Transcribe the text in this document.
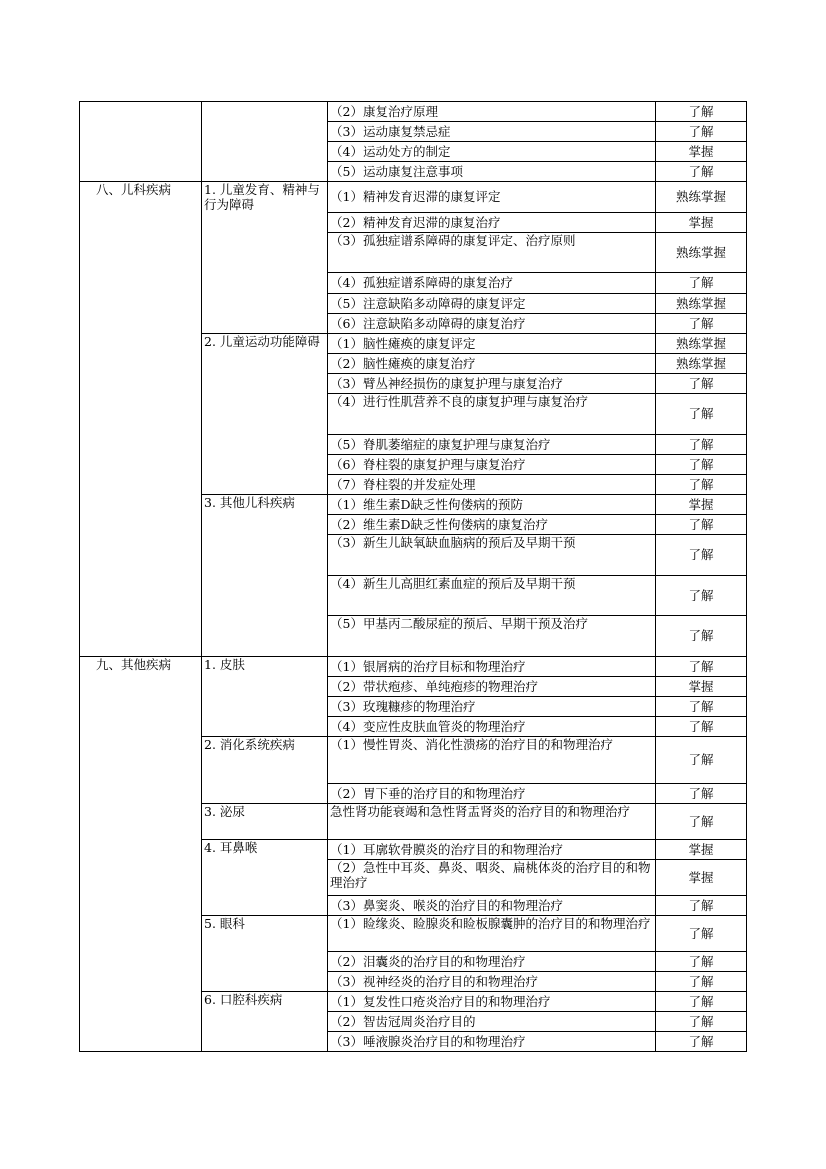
		（2）康复治疗原理	了解
		（3）运动康复禁忌症	了解
		（4）运动处方的制定	掌握
		（5）运动康复注意事项	了解
八、儿科疾病	1. 儿童发育、精神与行为障碍	（1）精神发育迟滞的康复评定	熟练掌握
		（2）精神发育迟滞的康复治疗	掌握
		（3）孤独症谱系障碍的康复评定、治疗原则	熟练掌握
		（4）孤独症谱系障碍的康复治疗	了解
		（5）注意缺陷多动障碍的康复评定	熟练掌握
		（6）注意缺陷多动障碍的康复治疗	了解
	2. 儿童运动功能障碍	（1）脑性瘫痪的康复评定	熟练掌握
		（2）脑性瘫痪的康复治疗	熟练掌握
		（3）臂丛神经损伤的康复护理与康复治疗	了解
		（4）进行性肌营养不良的康复护理与康复治疗	了解
		（5）脊肌萎缩症的康复护理与康复治疗	了解
		（6）脊柱裂的康复护理与康复治疗	了解
		（7）脊柱裂的并发症处理	了解
	3. 其他儿科疾病	（1）维生素D缺乏性佝偻病的预防	掌握
		（2）维生素D缺乏性佝偻病的康复治疗	了解
		（3）新生儿缺氧缺血脑病的预后及早期干预	了解
		（4）新生儿高胆红素血症的预后及早期干预	了解
		（5）甲基丙二酸尿症的预后、早期干预及治疗	了解
九、其他疾病	1. 皮肤	（1）银屑病的治疗目标和物理治疗	了解
		（2）带状疱疹、单纯疱疹的物理治疗	掌握
		（3）玫瑰糠疹的物理治疗	了解
		（4）变应性皮肤血管炎的物理治疗	了解
	2. 消化系统疾病	（1）慢性胃炎、消化性溃疡的治疗目的和物理治疗	了解
		（2）胃下垂的治疗目的和物理治疗	了解
	3. 泌尿	急性肾功能衰竭和急性肾盂肾炎的治疗目的和物理治疗	了解
	4. 耳鼻喉	（1）耳廓软骨膜炎的治疗目的和物理治疗	掌握
		（2）急性中耳炎、鼻炎、咽炎、扁桃体炎的治疗目的和物理治疗	掌握
		（3）鼻窦炎、喉炎的治疗目的和物理治疗	了解
	5. 眼科	（1）睑缘炎、睑腺炎和睑板腺囊肿的治疗目的和物理治疗	了解
		（2）泪囊炎的治疗目的和物理治疗	了解
		（3）视神经炎的治疗目的和物理治疗	了解
	6. 口腔科疾病	（1）复发性口疮炎治疗目的和物理治疗	了解
		（2）智齿冠周炎治疗目的	了解
		（3）唾液腺炎治疗目的和物理治疗	了解
